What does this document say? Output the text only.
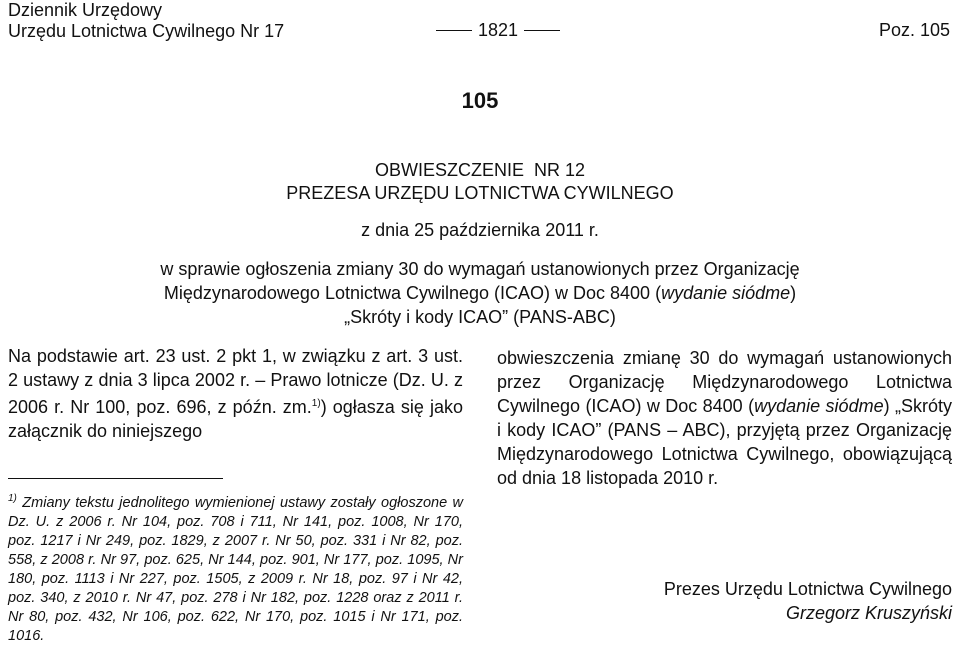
Dziennik Urzędowy
Urzędu Lotnictwa Cywilnego Nr 17	1821	Poz. 105
105
OBWIESZCZENIE  NR 12
PREZESA URZĘDU LOTNICTWA CYWILNEGO
z dnia 25 października 2011 r.
w sprawie ogłoszenia zmiany 30 do wymagań ustanowionych przez Organizację
Międzynarodowego Lotnictwa Cywilnego (ICAO) w Doc 8400 (wydanie siódme)
„Skróty i kody ICAO” (PANS-ABC)
Na podstawie art. 23 ust. 2 pkt 1, w związku z art. 3 ust. 2 ustawy z dnia 3 lipca 2002 r. – Prawo lotnicze (Dz. U. z 2006 r. Nr 100, poz. 696, z późn. zm.$^{1)}$) ogłasza się jako załącznik do niniejszego
obwieszczenia zmianę 30 do wymagań ustanowionych przez Organizację Międzynarodowego Lotnictwa Cywilnego (ICAO) w Doc 8400 (wydanie siódme) „Skróty i kody ICAO” (PANS – ABC), przyjętą przez Organizację Międzynarodowego Lotnictwa Cywilnego, obowiązującą od dnia 18 listopada 2010 r.
$^{1)}$ Zmiany tekstu jednolitego wymienionej ustawy zostały ogłoszone w Dz. U. z 2006 r. Nr 104, poz. 708 i 711, Nr 141, poz. 1008, Nr 170, poz. 1217 i Nr 249, poz. 1829, z 2007 r. Nr 50, poz. 331 i Nr 82, poz. 558, z 2008 r. Nr 97, poz. 625, Nr 144, poz. 901, Nr 177, poz. 1095, Nr 180, poz. 1113 i Nr 227, poz. 1505, z 2009 r. Nr 18, poz. 97 i Nr 42, poz. 340, z 2010 r. Nr 47, poz. 278 i Nr 182, poz. 1228 oraz z 2011 r. Nr 80, poz. 432, Nr 106, poz. 622, Nr 170, poz. 1015 i Nr 171, poz. 1016.
Prezes Urzędu Lotnictwa Cywilnego
Grzegorz Kruszyński
